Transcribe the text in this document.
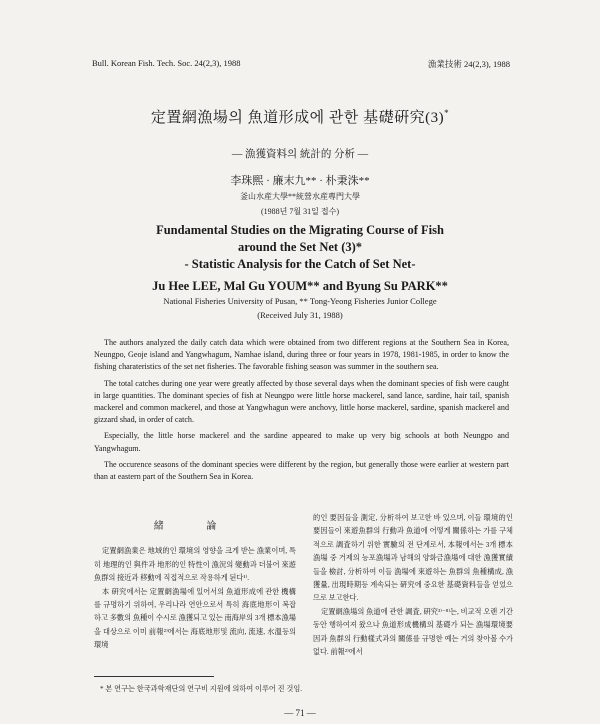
Bull. Korean Fish. Tech. Soc. 24(2,3), 1988	漁業技術 24(2,3), 1988
定置網漁場의 魚道形成에 관한 基礎硏究(3)*
— 漁獲資料의 統計的 分析 —
李珠熙 · 廉末九** · 朴秉洙**
釜山水産大學**統營水産專門大學
(1988년 7월 31일 접수)
Fundamental Studies on the Migrating Course of Fish
around the Set Net (3)*
- Statistic Analysis for the Catch of Set Net-
Ju Hee LEE, Mal Gu YOUM** and Byung Su PARK**
National Fisheries University of Pusan, ** Tong-Yeong Fisheries Junior College
(Received July 31, 1988)

The authors analyzed the daily catch data which were obtained from two different regions at the Southern Sea in Korea, Neungpo, Geoje island and Yangwhagum, Namhae island, during three or four years in 1978, 1981-1985, in order to know the fishing charateristics of the set net fisheries. The favorable fishing season was summer in the southern sea.

The total catches during one year were greatly affected by those several days when the dominant species of fish were caught in large quantities. The dominant species of fish at Neungpo were little horse mackerel, sand lance, sardine, hair tail, spanish mackerel and common mackerel, and those at Yangwhagun were anchovy, little horse mackerel, sardine, spanish mackerel and gizzard shad, in order of catch.

Especially, the little horse mackerel and the sardine appeared to make up very big schools at both Neungpo and Yangwhagum.

The occurence seasons of the dominant species were different by the region, but generally those were earlier at western part than at eastern part of the Southern Sea in Korea.

緒 論

定置網漁業은 地域的인 環境의 영향을 크게 받는 漁業이며, 특히 地理的인 與件과 地形的인 特性이 漁況의 變動과 더불어 來遊魚群의 接近과 移動에 직접적으로 작용하게 된다¹⁾.

本 硏究에서는 定置網漁場에 있어서의 魚道形成에 관한 機構를 규명하기 위하여, 우리나라 연안으로서 특히 海底地形이 복잡하고 多數의 魚種이 수시로 漁獲되고 있는 南海岸의 3개 標本漁場을 대상으로 이미 前報²⁾에서는 海底地形및 流向, 流速, 水溫등의 環境

的인 要因들을 測定, 分析하여 보고한 바 있으며, 이들 環境的인 要因들이 來遊魚群의 行動과 魚道에 어떻게 關係하는 가를 구체적으로 調査하기 위한 實驗의 전 단계로서, 本報에서는 3개 標本漁場 중 거제의 능포漁場과 남해의 양화금漁場에 대한 漁獲實績들을 檢討, 分析하여 이들 漁場에 來遊하는 魚群의 魚種構成, 漁獲量, 出現時期등 계속되는 硏究에 중요한 基礎資料들을 얻었으므로 보고한다.

定置網漁場의 魚道에 관한 調査, 硏究³⁾⁻⁸⁾는, 비교적 오랜 기간동안 행하여져 왔으나 魚道形成機構의 基礎가 되는 漁場環境要因과 魚群의 行動樣式과의 關係를 규명한 예는 거의 찾아볼 수가 없다. 前報²⁾에서

* 본 연구는 한국과학재단의 연구비 지원에 의하여 이루어 진 것임.
— 71 —
